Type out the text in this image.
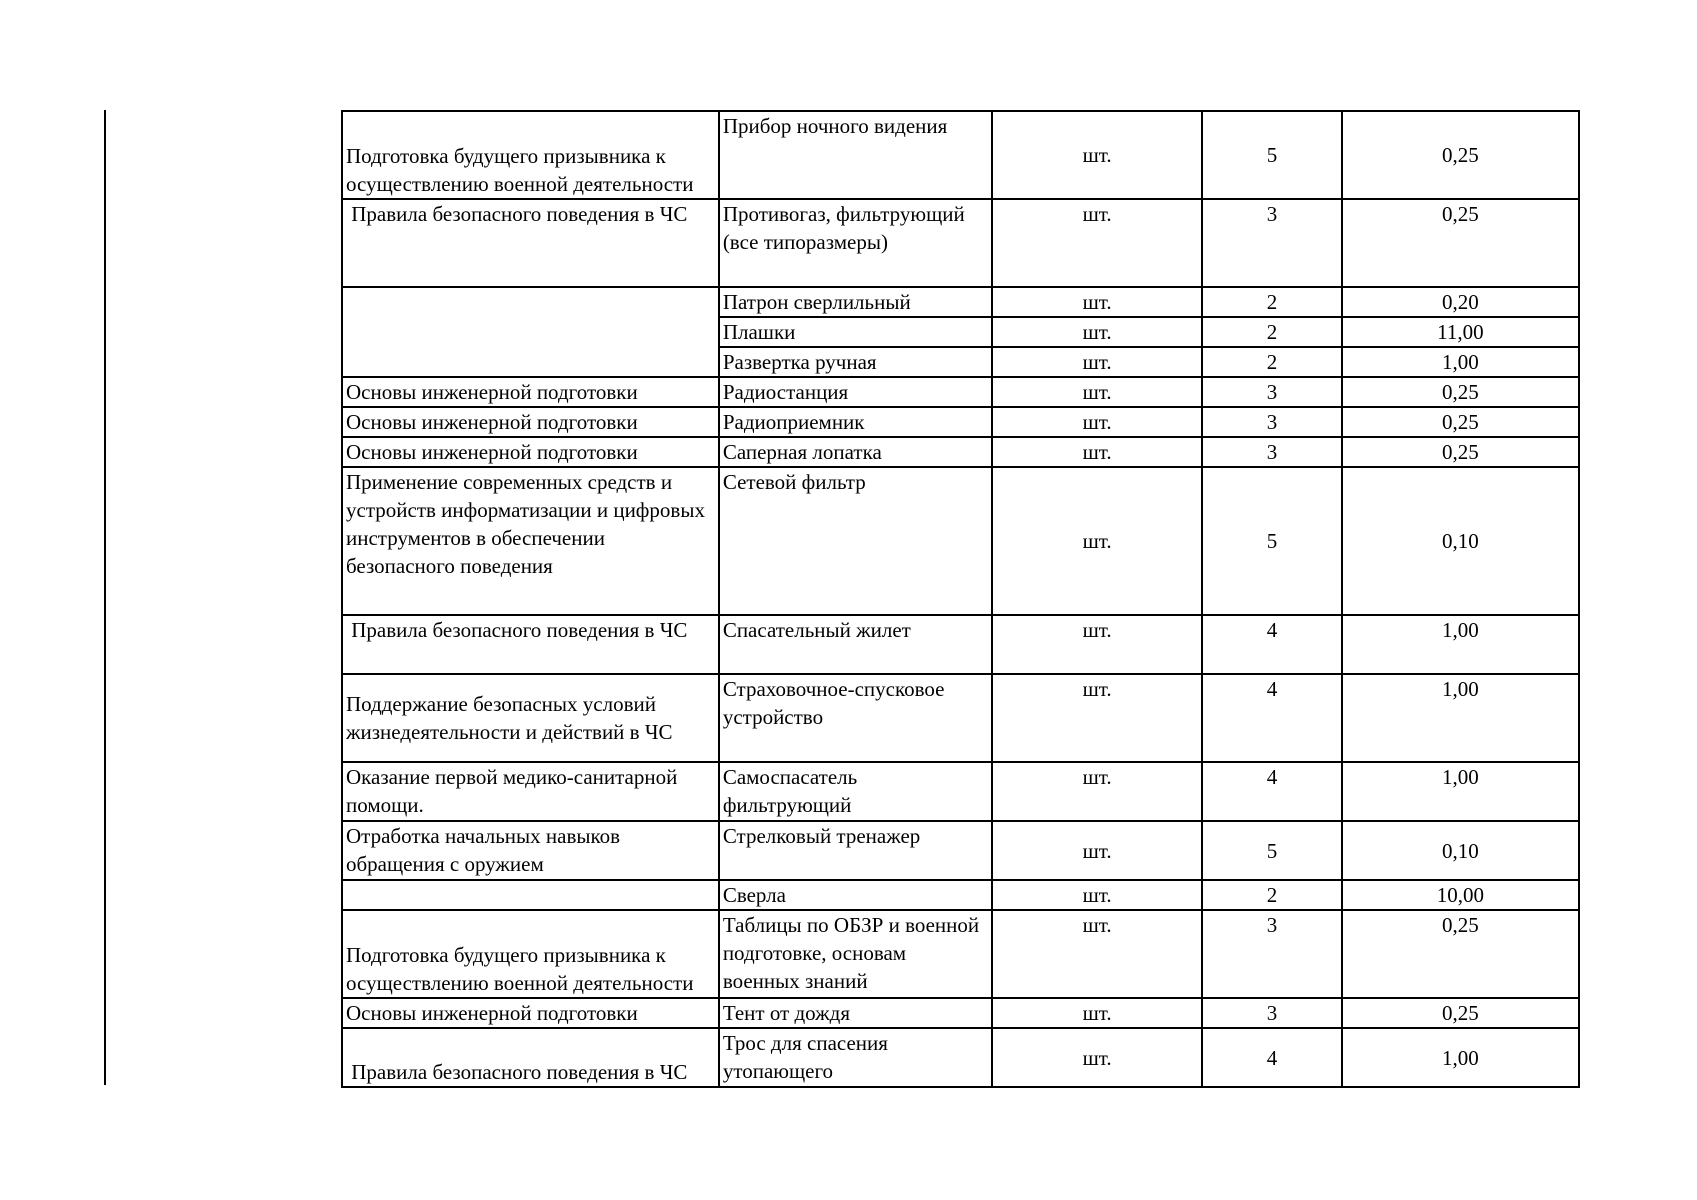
Подготовка будущего призывника к осуществлению военной деятельности	Прибор ночного видения	шт.	5	0,25
Правила безопасного поведения в ЧС	Противогаз, фильтрующий (все типоразмеры)	шт.	3	0,25
	Патрон сверлильный	шт.	2	0,20
	Плашки	шт.	2	11,00
	Развертка ручная	шт.	2	1,00
Основы инженерной подготовки	Радиостанция	шт.	3	0,25
Основы инженерной подготовки	Радиоприемник	шт.	3	0,25
Основы инженерной подготовки	Саперная лопатка	шт.	3	0,25
Применение современных средств и устройств информатизации и цифровых инструментов в обеспечении безопасного поведения	Сетевой фильтр	шт.	5	0,10
Правила безопасного поведения в ЧС	Спасательный жилет	шт.	4	1,00
Поддержание безопасных условий жизнедеятельности и действий в ЧС	Страховочное-спусковое устройство	шт.	4	1,00
Оказание первой медико-санитарной помощи.	Самоспасатель фильтрующий	шт.	4	1,00
Отработка начальных навыков обращения с оружием	Стрелковый тренажер	шт.	5	0,10
	Сверла	шт.	2	10,00
Подготовка будущего призывника к осуществлению военной деятельности	Таблицы по ОБЗР и военной подготовке, основам военных знаний	шт.	3	0,25
Основы инженерной подготовки	Тент от дождя	шт.	3	0,25
Правила безопасного поведения в ЧС	Трос для спасения утопающего	шт.	4	1,00
